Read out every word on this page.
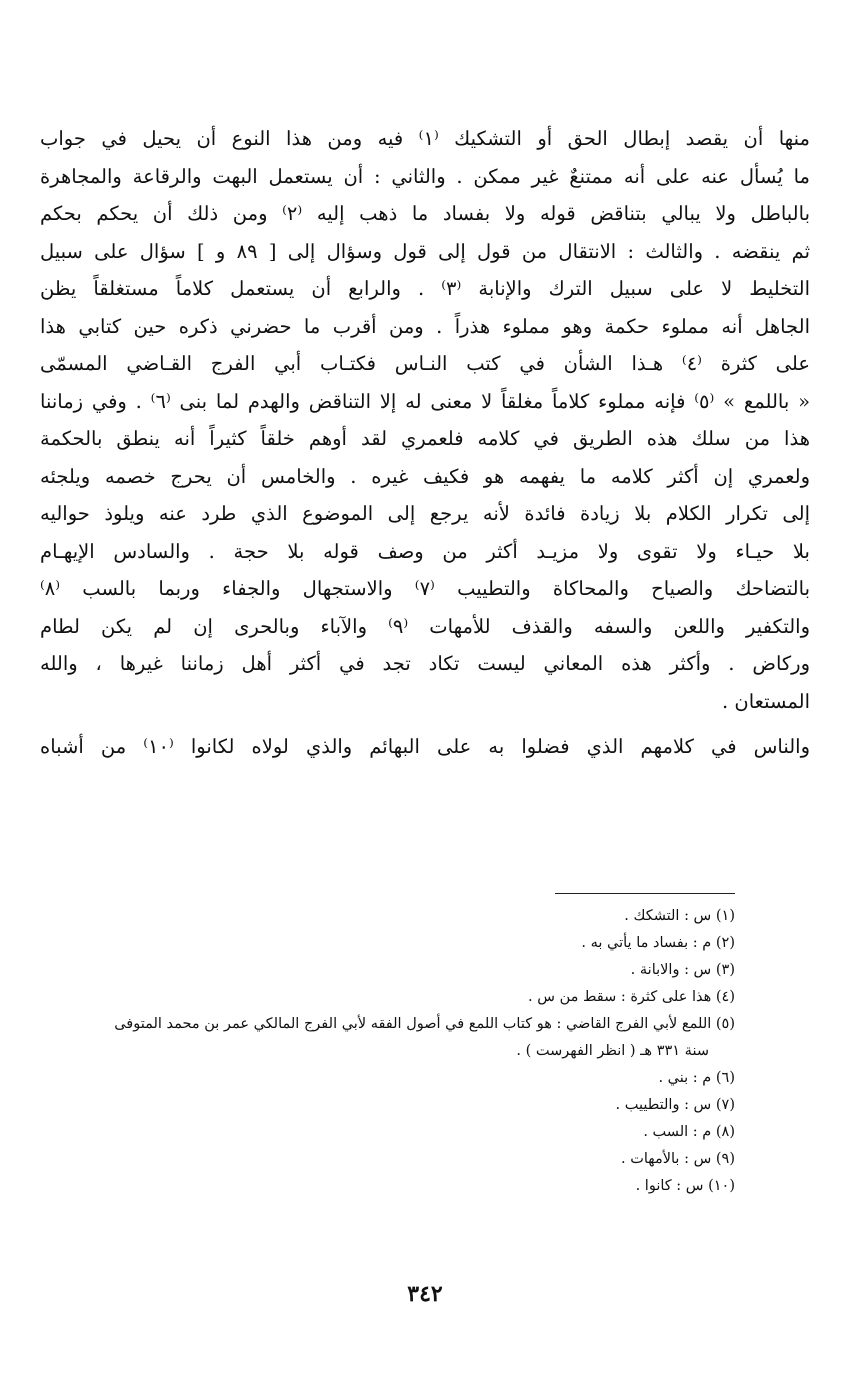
منها أن يقصد إبطال الحق أو التشكيك ⁽١⁾ فيه ومن هذا النوع أن يحيل في جواب
ما يُسأل عنه على أنه ممتنعٌ غير ممكن . والثاني : أن يستعمل البهت والرقاعة والمجاهرة
بالباطل ولا يبالي بتناقض قوله ولا بفساد ما ذهب إليه ⁽٢⁾ ومن ذلك أن يحكم بحكم
ثم ينقضه . والثالث : الانتقال من قول إلى قول وسؤال إلى [ ٨٩ و ] سؤال على سبيل
التخليط لا على سبيل الترك والإنابة ⁽٣⁾ . والرابع أن يستعمل كلاماً مستغلقاً يظن
الجاهل أنه مملوء حكمة وهو مملوء هذراً . ومن أقرب ما حضرني ذكره حين كتابي هذا
على كثرة ⁽٤⁾ هـذا الشأن في كتب النـاس فكتـاب أبي الفرج القـاضي المسمّى
« باللمع » ⁽٥⁾ فإنه مملوء كلاماً مغلقاً لا معنى له إلا التناقض والهدم لما بنى ⁽٦⁾ . وفي زماننا
هذا من سلك هذه الطريق في كلامه فلعمري لقد أوهم خلقاً كثيراً أنه ينطق بالحكمة
ولعمري إن أكثر كلامه ما يفهمه هو فكيف غيره . والخامس أن يحرج خصمه ويلجئه
إلى تكرار الكلام بلا زيادة فائدة لأنه يرجع إلى الموضوع الذي طرد عنه ويلوذ حواليه
بلا حيـاء ولا تقوى ولا مزيـد أكثر من وصف قوله بلا حجة . والسادس الإيهـام
بالتضاحك والصياح والمحاكاة والتطييب ⁽٧⁾ والاستجهال والجفاء وربما بالسب ⁽٨⁾
والتكفير واللعن والسفه والقذف للأمهات ⁽٩⁾ والآباء وبالحرى إن لم يكن لطام
وركاض . وأكثر هذه المعاني ليست تكاد تجد في أكثر أهل زماننا غيرها ، والله
المستعان .
والناس في كلامهم الذي فضلوا به على البهائم والذي لولاه لكانوا ⁽١٠⁾ من أشباه
(١) س : التشكك .
(٢) م : بفساد ما يأتي به .
(٣) س : والابانة .
(٤) هذا على كثرة : سقط من س .
(٥) اللمع لأبي الفرج القاضي : هو كتاب اللمع في أصول الفقه لأبي الفرج المالكي عمر بن محمد المتوفى
سنة ٣٣١ هـ ( انظر الفهرست ) .
(٦) م : بني .
(٧) س : والتطييب .
(٨) م : السب .
(٩) س : بالأمهات .
(١٠) س : كانوا .
٣٤٢
